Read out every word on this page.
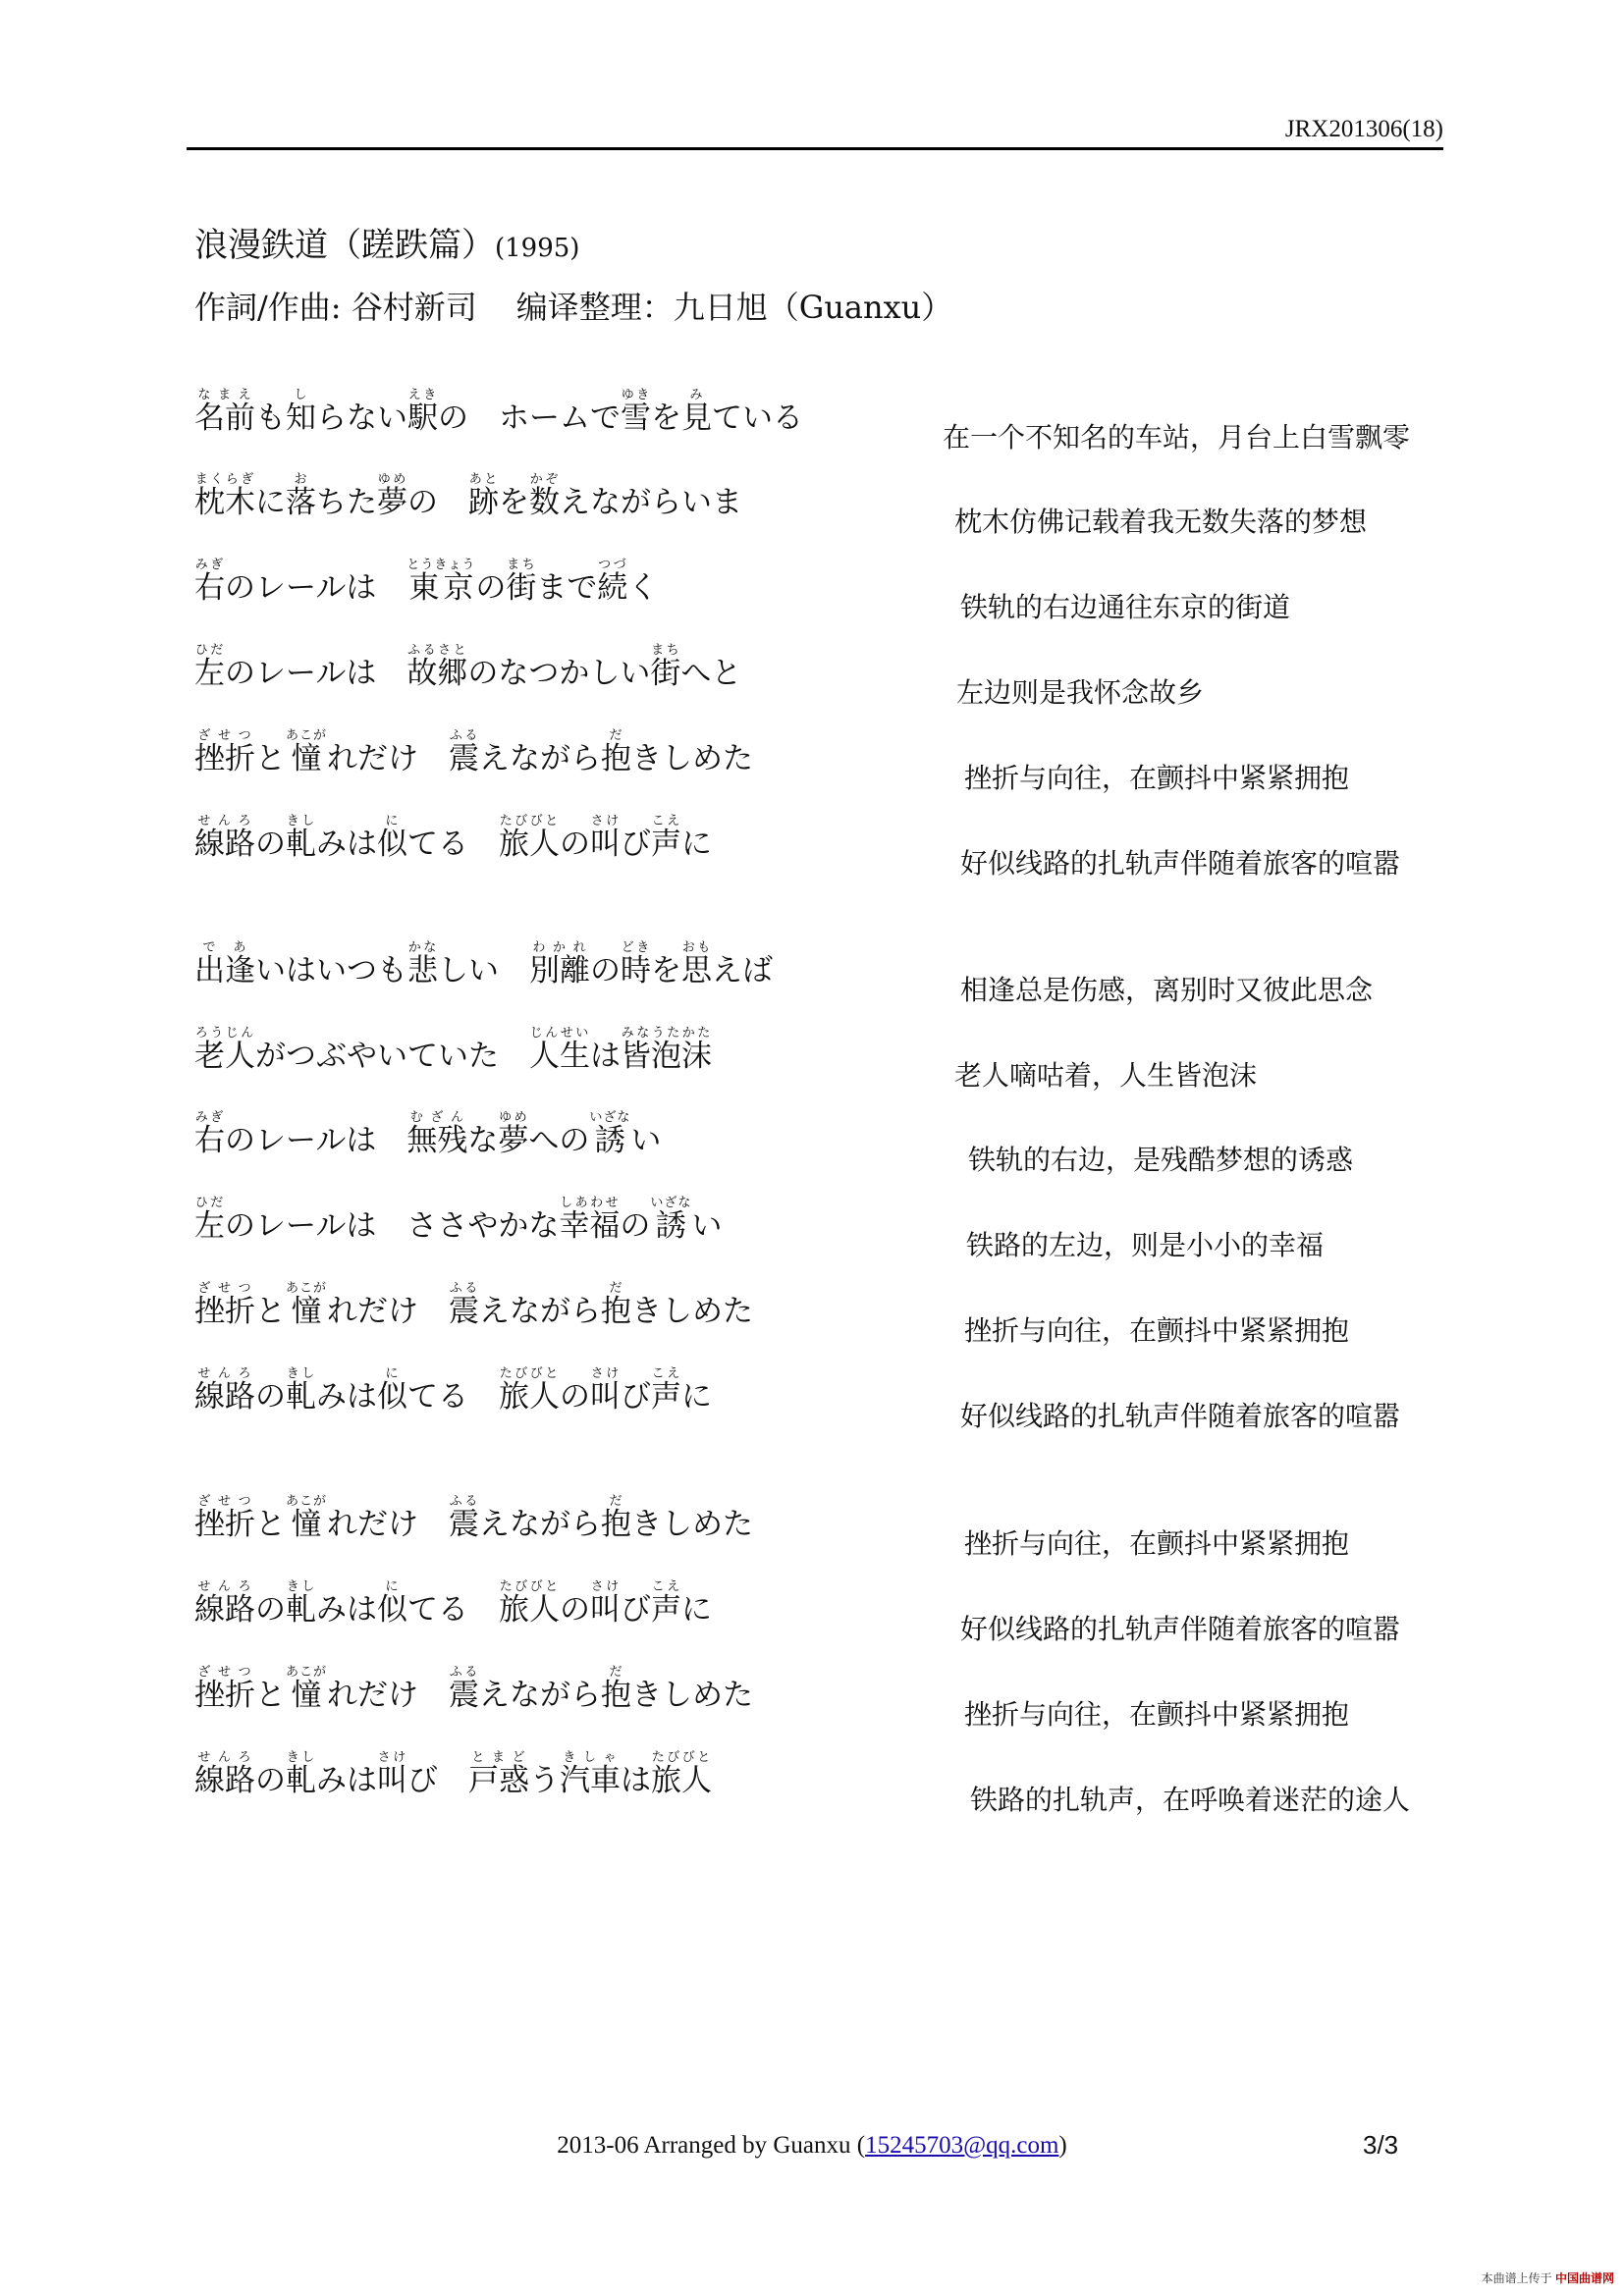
JRX201306(18)
浪漫鉄道（蹉跌篇）(1995)
作詞/作曲: 谷村新司 编译整理：九日旭（Guanxu）
名前なまえも知しらない駅えきの　ホームで雪ゆきを見みている
在一个不知名的车站，月台上白雪飘零
枕木まくらぎに落おちた夢ゆめの　跡あとを数かぞえながらいま
枕木仿佛记载着我无数失落的梦想
右みぎのレールは　東京とうきょうの街まちまで続つづく
铁轨的右边通往东京的街道
左ひだのレールは　故郷ふるさとのなつかしい街まちへと
左边则是我怀念故乡
挫折ざせつと憧あこがれだけ　震ふるえながら抱だきしめた
挫折与向往，在颤抖中紧紧拥抱
線路せんろの軋きしみは似にてる　旅人たびびとの叫さけび声こえに
好似线路的扎轨声伴随着旅客的喧嚣
出逢であいはいつも悲かなしい　別離わかれの時どきを思おもえば
相逢总是伤感，离别时又彼此思念
老人ろうじんがつぶやいていた　人生じんせいは皆泡沫みなうたかた
老人嘀咕着，人生皆泡沫
右みぎのレールは　無残むざんな夢ゆめへの誘いざない
铁轨的右边，是残酷梦想的诱惑
左ひだのレールは　ささやかな幸福しあわせの誘いざない
铁路的左边，则是小小的幸福
挫折ざせつと憧あこがれだけ　震ふるえながら抱だきしめた
挫折与向往，在颤抖中紧紧拥抱
線路せんろの軋きしみは似にてる　旅人たびびとの叫さけび声こえに
好似线路的扎轨声伴随着旅客的喧嚣
挫折ざせつと憧あこがれだけ　震ふるえながら抱だきしめた
挫折与向往，在颤抖中紧紧拥抱
線路せんろの軋きしみは似にてる　旅人たびびとの叫さけび声こえに
好似线路的扎轨声伴随着旅客的喧嚣
挫折ざせつと憧あこがれだけ　震ふるえながら抱だきしめた
挫折与向往，在颤抖中紧紧拥抱
線路せんろの軋きしみは叫さけび　戸惑とまどう汽車きしゃは旅人たびびと
铁路的扎轨声，在呼唤着迷茫的途人
2013-06 Arranged by Guanxu (15245703@qq.com)	3/3
本曲谱上传于 中国曲谱网
